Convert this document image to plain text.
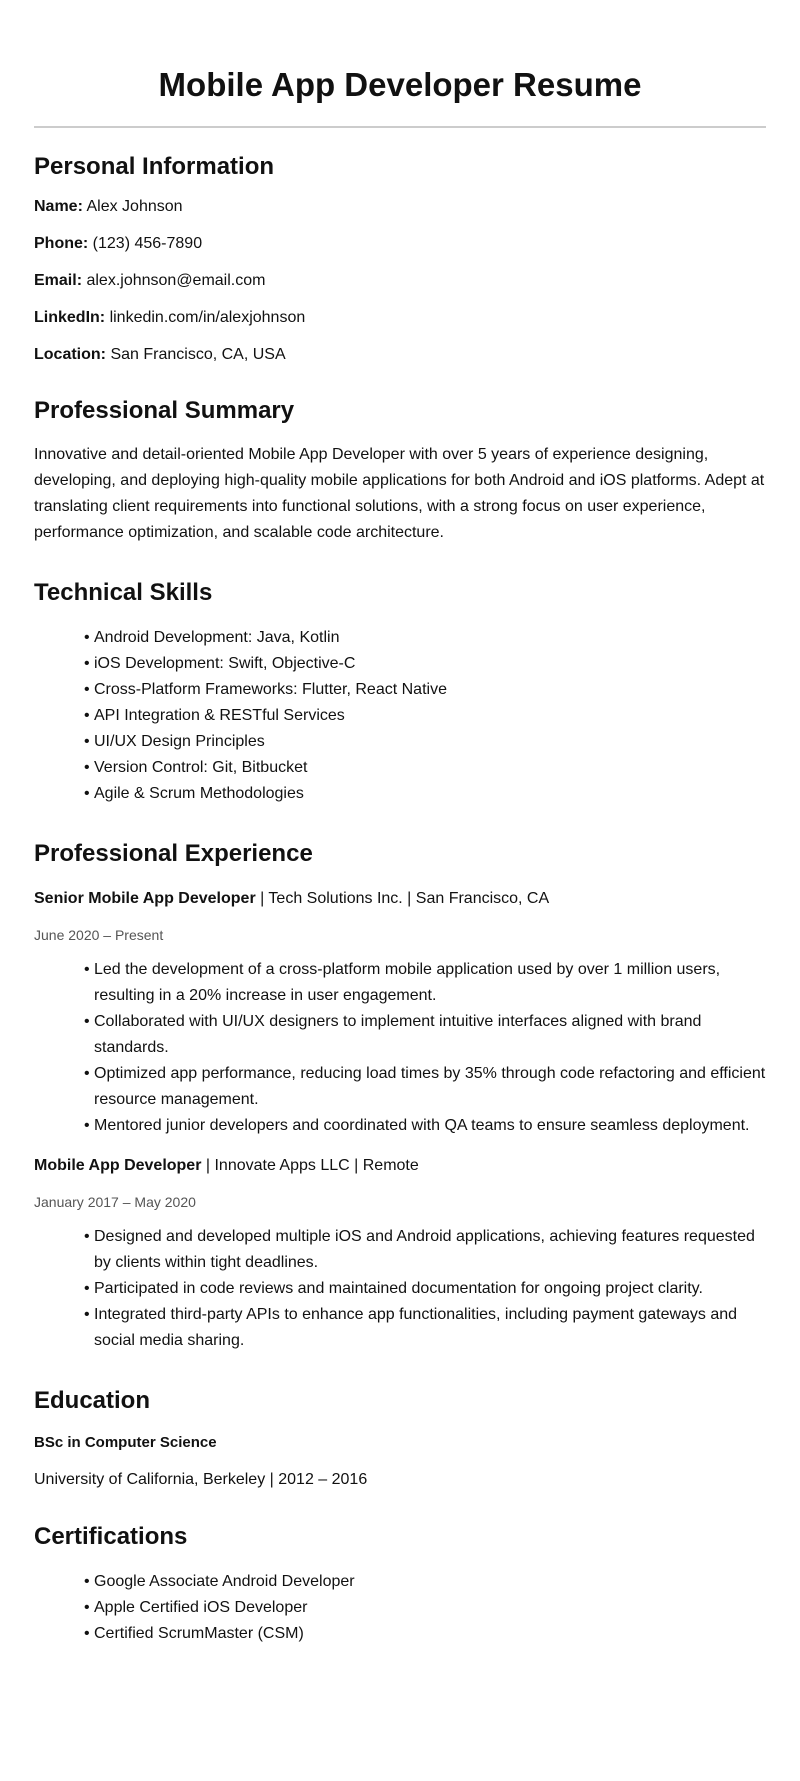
Mobile App Developer Resume
Personal Information

Name: Alex Johnson

Phone: (123) 456-7890

Email: alex.johnson@email.com

LinkedIn: linkedin.com/in/alexjohnson

Location: San Francisco, CA, USA

Professional Summary

Innovative and detail-oriented Mobile App Developer with over 5 years of experience designing, developing, and deploying high-quality mobile applications for both Android and iOS platforms. Adept at translating client requirements into functional solutions, with a strong focus on user experience, performance optimization, and scalable code architecture.

Technical Skills
• Android Development: Java, Kotlin
• iOS Development: Swift, Objective-C
• Cross-Platform Frameworks: Flutter, React Native
• API Integration & RESTful Services
• UI/UX Design Principles
• Version Control: Git, Bitbucket
• Agile & Scrum Methodologies
Professional Experience

Senior Mobile App Developer | Tech Solutions Inc. | San Francisco, CA

June 2020 – Present

• Led the development of a cross-platform mobile application used by over 1 million users, resulting in a 20% increase in user engagement.
• Collaborated with UI/UX designers to implement intuitive interfaces aligned with brand standards.
• Optimized app performance, reducing load times by 35% through code refactoring and efficient resource management.
• Mentored junior developers and coordinated with QA teams to ensure seamless deployment.

Mobile App Developer | Innovate Apps LLC | Remote

January 2017 – May 2020

• Designed and developed multiple iOS and Android applications, achieving features requested by clients within tight deadlines.
• Participated in code reviews and maintained documentation for ongoing project clarity.
• Integrated third-party APIs to enhance app functionalities, including payment gateways and social media sharing.
Education

BSc in Computer Science

University of California, Berkeley | 2012 – 2016

Certifications
• Google Associate Android Developer
• Apple Certified iOS Developer
• Certified ScrumMaster (CSM)
